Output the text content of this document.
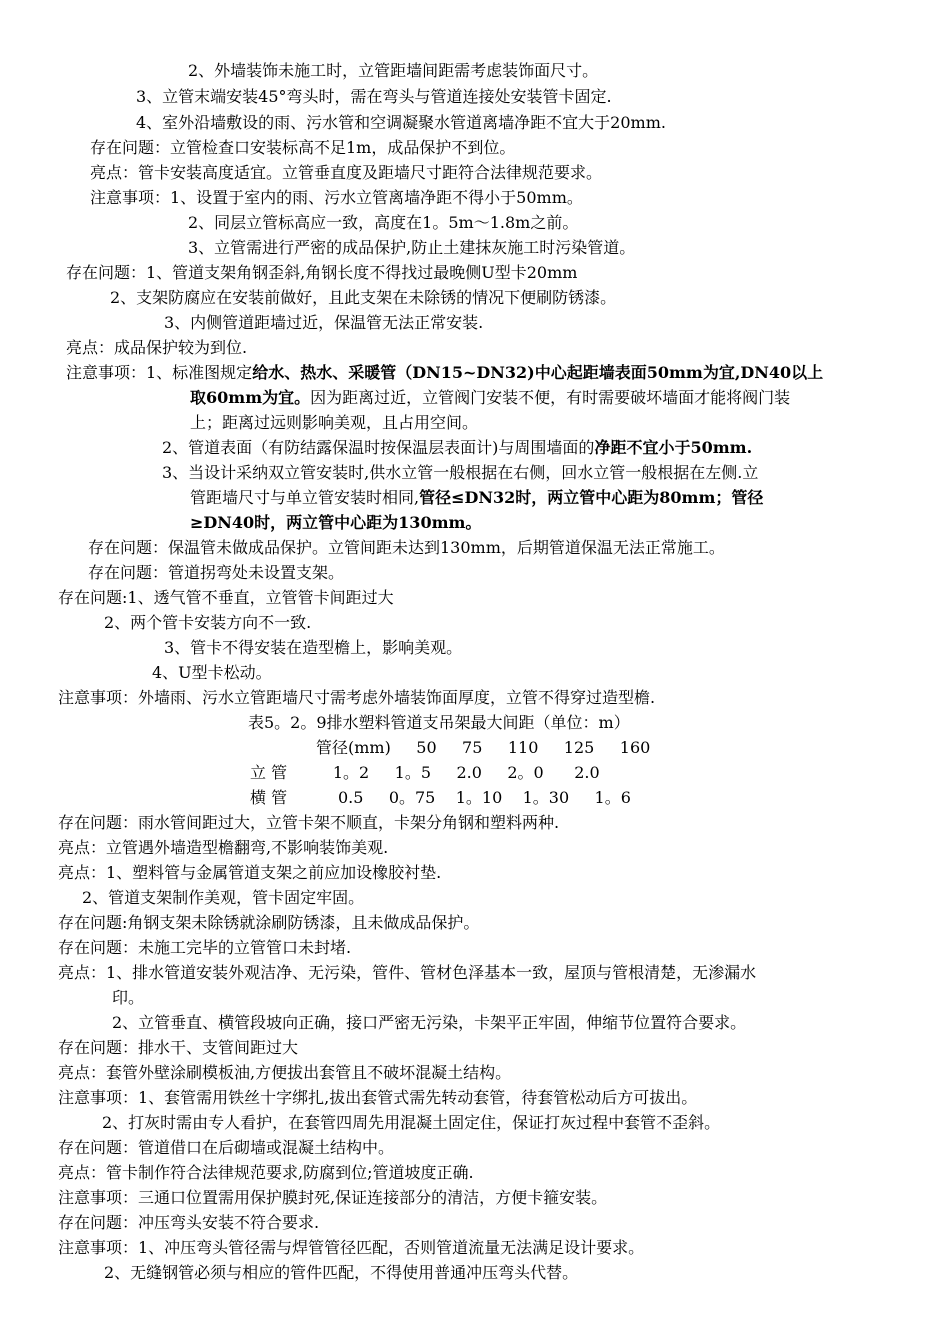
2、外墙装饰未施工时，立管距墙间距需考虑装饰面尺寸。
3、立管末端安装45°弯头时，需在弯头与管道连接处安装管卡固定.
4、室外沿墙敷设的雨、污水管和空调凝聚水管道离墙净距不宜大于20mm.
存在问题：立管检查口安装标高不足1m，成品保护不到位。
亮点：管卡安装高度适宜。立管垂直度及距墙尺寸距符合法律规范要求。
注意事项：1、设置于室内的雨、污水立管离墙净距不得小于50mm。
2、同层立管标高应一致，高度在1。5m～1.8m之前。
3、立管需进行严密的成品保护,防止土建抹灰施工时污染管道。
存在问题：1、管道支架角钢歪斜,角钢长度不得找过最晚侧U型卡20mm
2、支架防腐应在安装前做好，且此支架在未除锈的情况下便刷防锈漆。
3、内侧管道距墙过近，保温管无法正常安装.
亮点：成品保护较为到位.
注意事项：1、标准图规定给水、热水、采暖管（DN15~DN32)中心起距墙表面50mm为宜,DN40以上
取60mm为宜。因为距离过近，立管阀门安装不便，有时需要破坏墙面才能将阀门装
上；距离过远则影响美观，且占用空间。
2、管道表面（有防结露保温时按保温层表面计)与周围墙面的净距不宜小于50mm.
3、当设计采纳双立管安装时,供水立管一般根据在右侧，回水立管一般根据在左侧.立
管距墙尺寸与单立管安装时相同,管径≤DN32时，两立管中心距为80mm；管径
≥DN40时，两立管中心距为130mm。
存在问题：保温管未做成品保护。立管间距未达到130mm，后期管道保温无法正常施工。
存在问题：管道拐弯处未设置支架。
存在问题:1、透气管不垂直，立管管卡间距过大
2、两个管卡安装方向不一致.
3、管卡不得安装在造型檐上，影响美观。
4、U型卡松动。
注意事项：外墙雨、污水立管距墙尺寸需考虑外墙装饰面厚度，立管不得穿过造型檐.
表5。2。9排水塑料管道支吊架最大间距（单位：m）
管径(mm)     50     75     110     125     160
立 管         1。2     1。5     2.0     2。0      2.0
横 管          0.5     0。75    1。10    1。30     1。6
存在问题：雨水管间距过大，立管卡架不顺直，卡架分角钢和塑料两种.
亮点：立管遇外墙造型檐翻弯,不影响装饰美观.
亮点：1、塑料管与金属管道支架之前应加设橡胶衬垫.
2、管道支架制作美观，管卡固定牢固。
存在问题:角钢支架未除锈就涂刷防锈漆，且未做成品保护。
存在问题：未施工完毕的立管管口未封堵.
亮点：1、排水管道安装外观洁净、无污染，管件、管材色泽基本一致，屋顶与管根清楚，无渗漏水
印。
2、立管垂直、横管段坡向正确，接口严密无污染，卡架平正牢固，伸缩节位置符合要求。
存在问题：排水干、支管间距过大
亮点：套管外壁涂刷模板油,方便拔出套管且不破坏混凝土结构。
注意事项：1、套管需用铁丝十字绑扎,拔出套管式需先转动套管，待套管松动后方可拔出。
2、打灰时需由专人看护，在套管四周先用混凝土固定住，保证打灰过程中套管不歪斜。
存在问题：管道借口在后砌墙或混凝土结构中。
亮点：管卡制作符合法律规范要求,防腐到位;管道坡度正确.
注意事项：三通口位置需用保护膜封死,保证连接部分的清洁，方便卡箍安装。
存在问题：冲压弯头安装不符合要求.
注意事项：1、冲压弯头管径需与焊管管径匹配，否则管道流量无法满足设计要求。
2、无缝钢管必须与相应的管件匹配，不得使用普通冲压弯头代替。
